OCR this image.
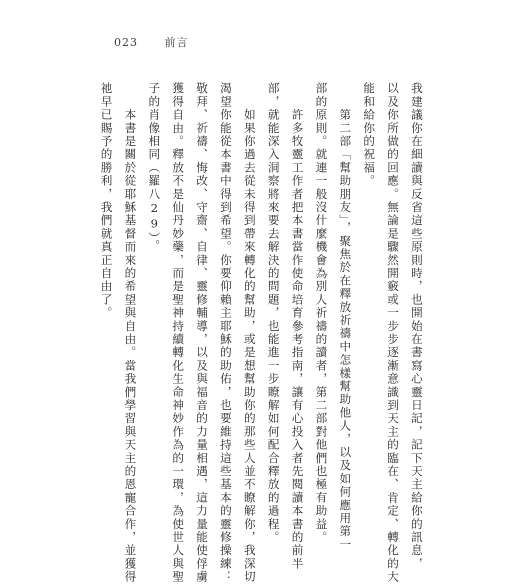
023 前言
我建議你在細讀與反省這些原則時，也開始在書寫心靈日記，記下天主給你的訊息，
以及你所做的回應。無論是驟然開竅或一步步逐漸意識到天主的臨在、肯定、轉化的大
能和給你的祝福。
　　第二部「幫助朋友」，聚焦於在釋放祈禱中怎樣幫助他人，以及如何應用第一
部的原則。就連一般沒什麼機會為別人祈禱的讀者，第二部對他們也極有助益。
　　許多牧靈工作者把本書當作使命培育參考指南，讓有心投入者先閱讀本書的前半
部，就能深入洞察將來要去解決的問題，也能進一步瞭解如何配合釋放的過程。
　　如果你過去從未得到帶來轉化的幫助，或是想幫助你的那些人並不瞭解你，我深切
渴望你能從本書中得到希望。你要仰賴主耶穌的助佑，也要維持這些基本的靈修操練：
敬拜、祈禱、悔改、守齋、自律、靈修輔導，以及與福音的力量相遇，這力量能使俘虜
獲得自由。釋放不是仙丹妙藥，而是聖神持續轉化生命神妙作為的一環，為使世人與聖
子的肖像相同（羅八29）。
　　本書是關於從耶穌基督而來的希望與自由。當我們學習與天主的恩寵合作，並獲得
祂早已賜予的勝利，我們就真正自由了。
